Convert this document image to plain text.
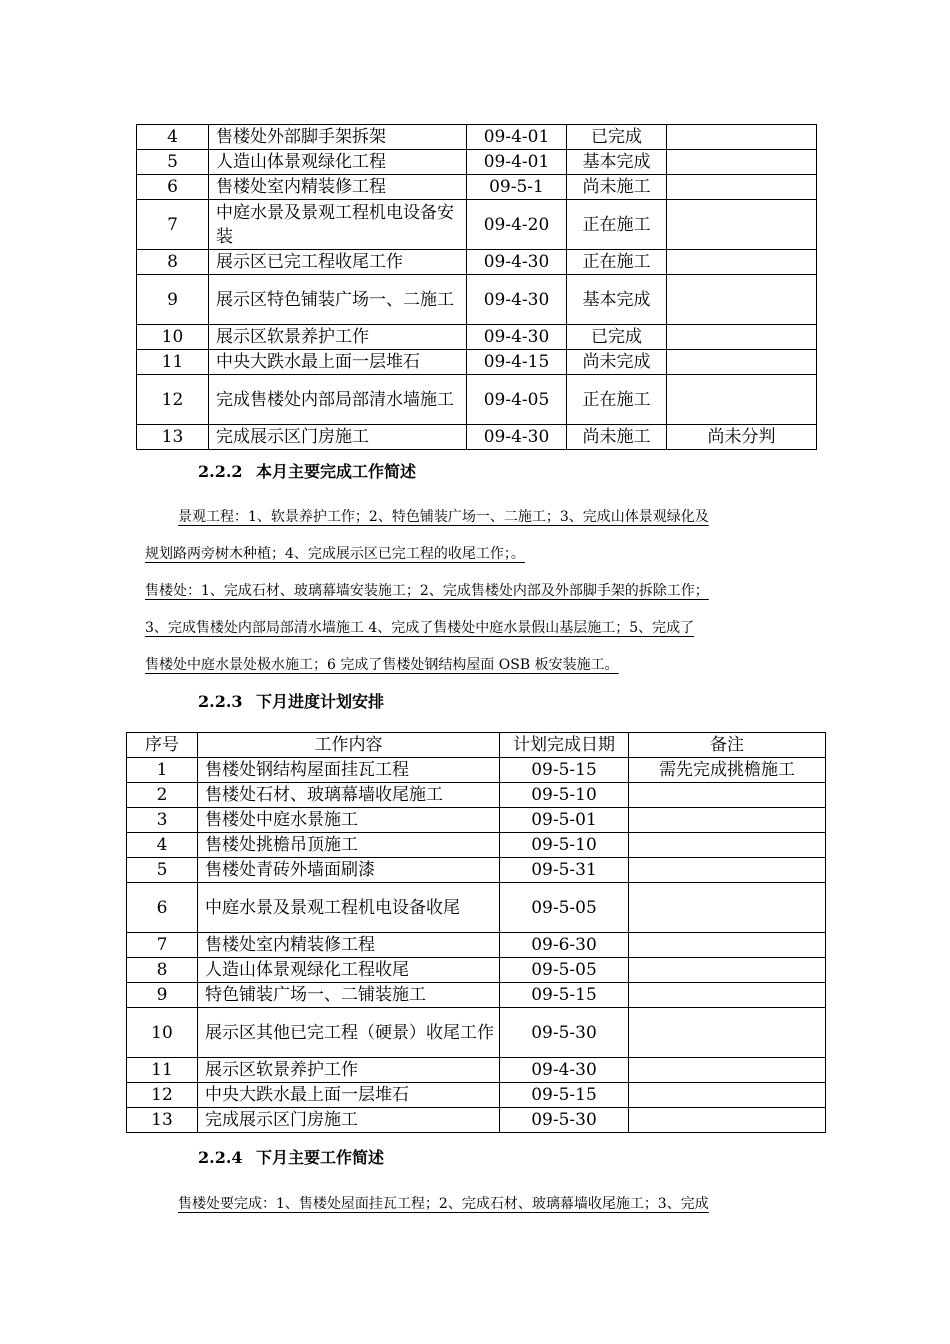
4	售楼处外部脚手架拆架	09-4-01	已完成	
5	人造山体景观绿化工程	09-4-01	基本完成	
6	售楼处室内精装修工程	09-5-1	尚未施工	
7	中庭水景及景观工程机电设备安装	09-4-20	正在施工	
8	展示区已完工程收尾工作	09-4-30	正在施工	
9	展示区特色铺装广场一、二施工	09-4-30	基本完成	
10	展示区软景养护工作	09-4-30	已完成	
11	中央大跌水最上面一层堆石	09-4-15	尚未完成	
12	完成售楼处内部局部清水墙施工	09-4-05	正在施工	
13	完成展示区门房施工	09-4-30	尚未施工	尚未分判
2.2.2 本月主要完成工作简述
景观工程：1、软景养护工作；2、特色铺装广场一、二施工；3、完成山体景观绿化及
规划路两旁树木种植；4、完成展示区已完工程的收尾工作；。
售楼处：1、完成石材、玻璃幕墙安装施工；2、完成售楼处内部及外部脚手架的拆除工作；
3、完成售楼处内部局部清水墙施工 4、完成了售楼处中庭水景假山基层施工；5、完成了
售楼处中庭水景处极水施工；6 完成了售楼处钢结构屋面 OSB 板安装施工。
2.2.3 下月进度计划安排
序号	工作内容	计划完成日期	备注
1	售楼处钢结构屋面挂瓦工程	09-5-15	需先完成挑檐施工
2	售楼处石材、玻璃幕墙收尾施工	09-5-10	
3	售楼处中庭水景施工	09-5-01	
4	售楼处挑檐吊顶施工	09-5-10	
5	售楼处青砖外墙面刷漆	09-5-31	
6	中庭水景及景观工程机电设备收尾	09-5-05	
7	售楼处室内精装修工程	09-6-30	
8	人造山体景观绿化工程收尾	09-5-05	
9	特色铺装广场一、二铺装施工	09-5-15	
10	展示区其他已完工程（硬景）收尾工作	09-5-30	
11	展示区软景养护工作	09-4-30	
12	中央大跌水最上面一层堆石	09-5-15	
13	完成展示区门房施工	09-5-30	
2.2.4 下月主要工作简述
售楼处要完成：1、售楼处屋面挂瓦工程；2、完成石材、玻璃幕墙收尾施工；3、完成
